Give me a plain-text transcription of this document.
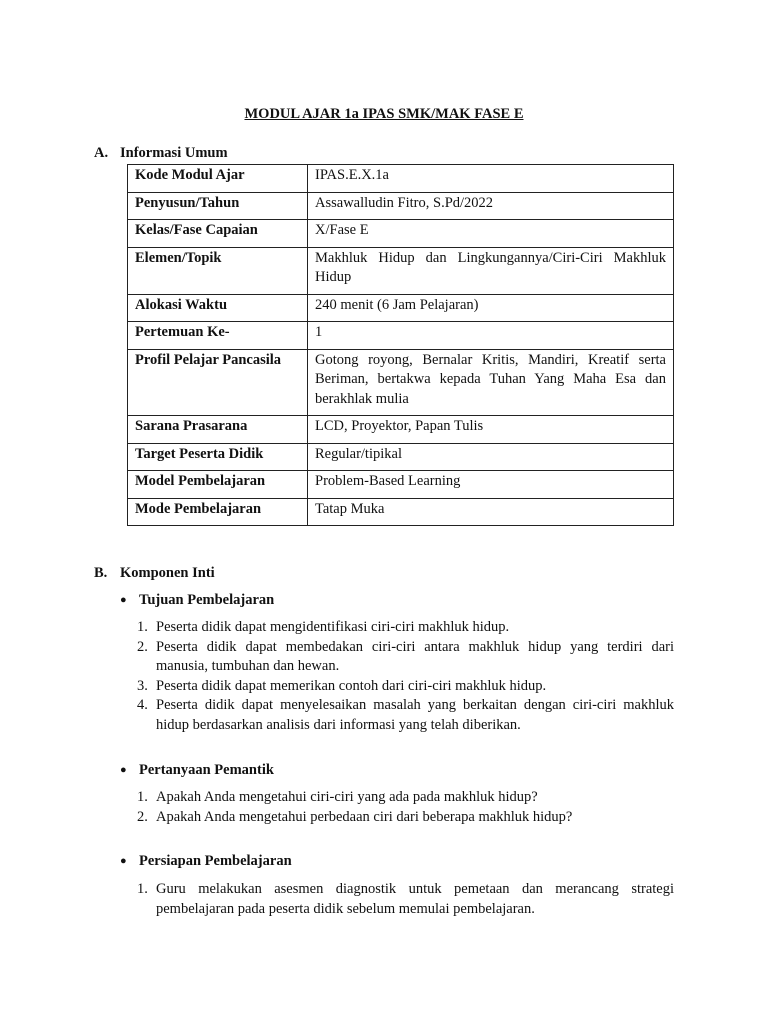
MODUL AJAR 1a IPAS SMK/MAK FASE E
A. Informasi Umum
Kode Modul Ajar	IPAS.E.X.1a
Penyusun/Tahun	Assawalludin Fitro, S.Pd/2022
Kelas/Fase Capaian	X/Fase E
Elemen/Topik	Makhluk Hidup dan Lingkungannya/Ciri-Ciri Makhluk Hidup
Alokasi Waktu	240 menit (6 Jam Pelajaran)
Pertemuan Ke-	1
Profil Pelajar Pancasila	Gotong royong, Bernalar Kritis, Mandiri, Kreatif serta Beriman, bertakwa kepada Tuhan Yang Maha Esa dan berakhlak mulia
Sarana Prasarana	LCD, Proyektor, Papan Tulis
Target Peserta Didik	Regular/tipikal
Model Pembelajaran	Problem-Based Learning
Mode Pembelajaran	Tatap Muka
B. Komponen Inti
● Tujuan Pembelajaran
1. Peserta didik dapat mengidentifikasi ciri-ciri makhluk hidup.
2. Peserta didik dapat membedakan ciri-ciri antara makhluk hidup yang terdiri dari manusia, tumbuhan dan hewan.
3. Peserta didik dapat memerikan contoh dari ciri-ciri makhluk hidup.
4. Peserta didik dapat menyelesaikan masalah yang berkaitan dengan ciri-ciri makhluk hidup berdasarkan analisis dari informasi yang telah diberikan.
● Pertanyaan Pemantik
1. Apakah Anda mengetahui ciri-ciri yang ada pada makhluk hidup?
2. Apakah Anda mengetahui perbedaan ciri dari beberapa makhluk hidup?
● Persiapan Pembelajaran
1. Guru melakukan asesmen diagnostik untuk pemetaan dan merancang strategi pembelajaran pada peserta didik sebelum memulai pembelajaran.
